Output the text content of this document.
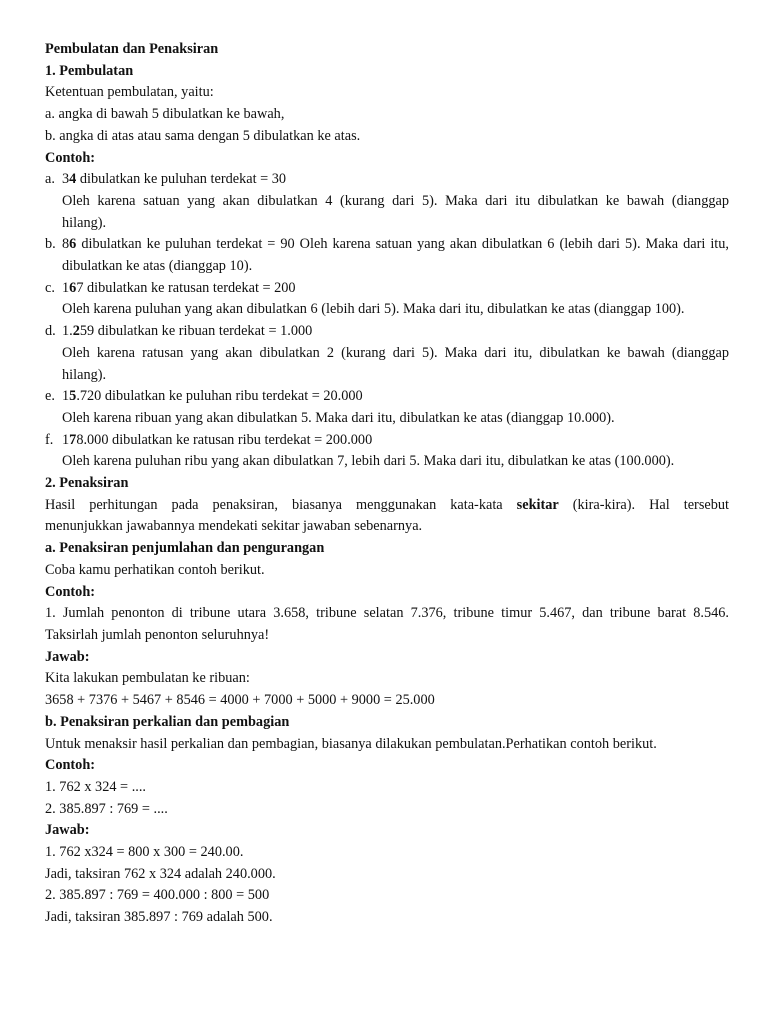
Pembulatan dan Penaksiran
1. Pembulatan
Ketentuan pembulatan, yaitu:
a. angka di bawah 5 dibulatkan ke bawah,
b. angka di atas atau sama dengan 5 dibulatkan ke atas.
Contoh:
a. 34 dibulatkan ke puluhan terdekat = 30
Oleh karena satuan yang akan dibulatkan 4 (kurang dari 5). Maka dari itu dibulatkan ke bawah (dianggap
hilang).
b. 86 dibulatkan ke puluhan terdekat = 90 Oleh karena satuan yang akan dibulatkan 6 (lebih dari 5). Maka dari itu,
dibulatkan ke atas (dianggap 10).
c. 167 dibulatkan ke ratusan terdekat = 200
Oleh karena puluhan yang akan dibulatkan 6 (lebih dari 5). Maka dari itu, dibulatkan ke atas (dianggap 100).
d. 1.259 dibulatkan ke ribuan terdekat = 1.000
Oleh karena ratusan yang akan dibulatkan 2 (kurang dari 5). Maka dari itu, dibulatkan ke bawah (dianggap
hilang).
e. 15.720 dibulatkan ke puluhan ribu terdekat = 20.000
Oleh karena ribuan yang akan dibulatkan 5. Maka dari itu, dibulatkan ke atas (dianggap 10.000).
f. 178.000 dibulatkan ke ratusan ribu terdekat = 200.000
Oleh karena puluhan ribu yang akan dibulatkan 7, lebih dari 5. Maka dari itu, dibulatkan ke atas (100.000).
2. Penaksiran
Hasil perhitungan pada penaksiran, biasanya menggunakan kata-kata sekitar (kira-kira). Hal tersebut
menunjukkan jawabannya mendekati sekitar jawaban sebenarnya.
a. Penaksiran penjumlahan dan pengurangan
Coba kamu perhatikan contoh berikut.
Contoh:
1. Jumlah penonton di tribune utara 3.658, tribune selatan 7.376, tribune timur 5.467, dan tribune barat 8.546.
Taksirlah jumlah penonton seluruhnya!
Jawab:
Kita lakukan pembulatan ke ribuan:
3658 + 7376 + 5467 + 8546 = 4000 + 7000 + 5000 + 9000 = 25.000
b. Penaksiran perkalian dan pembagian
Untuk menaksir hasil perkalian dan pembagian, biasanya dilakukan pembulatan.Perhatikan contoh berikut.
Contoh:
1. 762 x 324 = ....
2. 385.897 : 769 = ....
Jawab:
1. 762 x324 = 800 x 300 = 240.00.
Jadi, taksiran 762 x 324 adalah 240.000.
2. 385.897 : 769 = 400.000 : 800 = 500
Jadi, taksiran 385.897 : 769 adalah 500.
